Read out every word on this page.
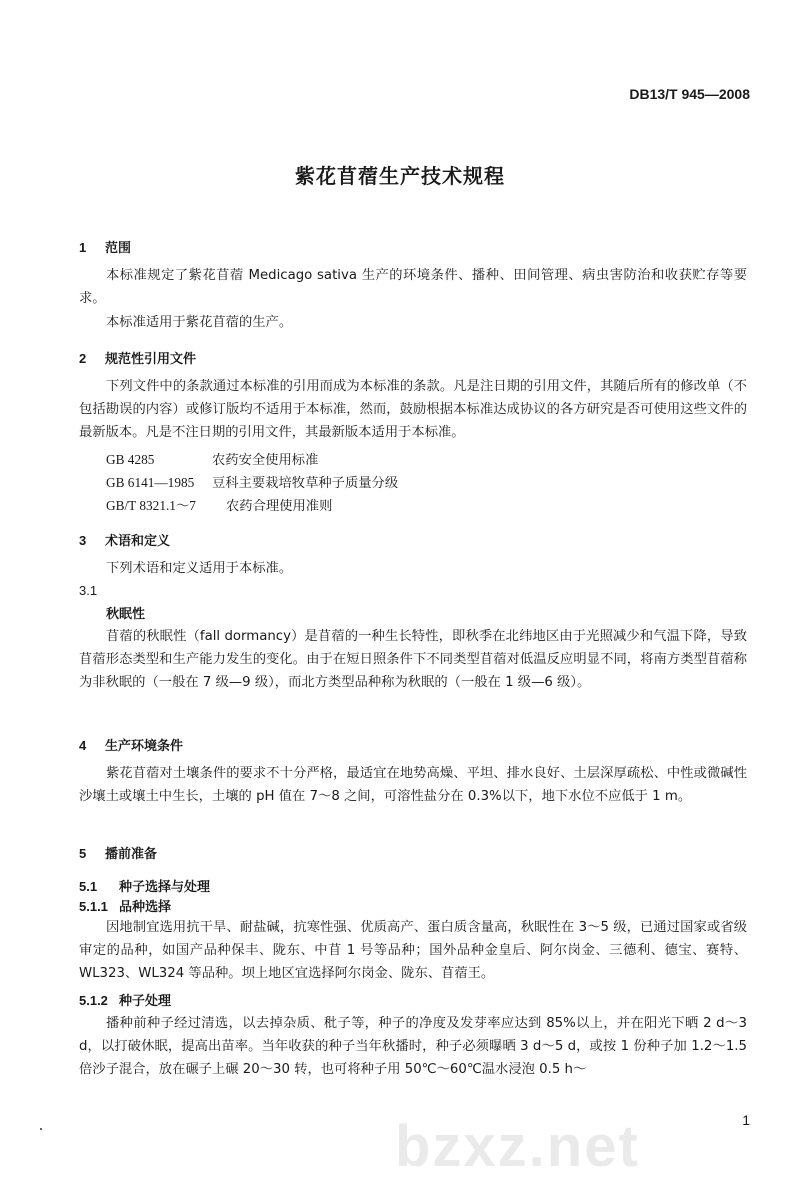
DB13/T 945—2008
紫花苜蓿生产技术规程
1 范围
本标准规定了紫花苜蓿 Medicago sativa 生产的环境条件、播种、田间管理、病虫害防治和收获贮存等要求。
本标准适用于紫花苜蓿的生产。
2 规范性引用文件
下列文件中的条款通过本标准的引用而成为本标准的条款。凡是注日期的引用文件，其随后所有的修改单（不包括勘误的内容）或修订版均不适用于本标准，然而，鼓励根据本标准达成协议的各方研究是否可使用这些文件的最新版本。凡是不注日期的引用文件，其最新版本适用于本标准。
GB 4285	农药安全使用标准
GB 6141—1985 豆科主要栽培牧草种子质量分级
GB/T 8321.1～7 农药合理使用准则
3 术语和定义
下列术语和定义适用于本标准。
3.1
秋眠性
苜蓿的秋眠性（fall dormancy）是苜蓿的一种生长特性，即秋季在北纬地区由于光照减少和气温下降，导致苜蓿形态类型和生产能力发生的变化。由于在短日照条件下不同类型苜蓿对低温反应明显不同，将南方类型苜蓿称为非秋眠的（一般在 7 级—9 级），而北方类型品种称为秋眠的（一般在 1 级—6 级）。
4 生产环境条件
紫花苜蓿对土壤条件的要求不十分严格，最适宜在地势高燥、平坦、排水良好、土层深厚疏松、中性或微碱性沙壤土或壤土中生长，土壤的 pH 值在 7～8 之间，可溶性盐分在 0.3%以下，地下水位不应低于 1 m。
5 播前准备
5.1 种子选择与处理
5.1.1 品种选择
因地制宜选用抗干旱、耐盐碱，抗寒性强、优质高产、蛋白质含量高，秋眠性在 3～5 级，已通过国家或省级审定的品种，如国产品种保丰、陇东、中苜 1 号等品种；国外品种金皇后、阿尔岗金、三德利、德宝、赛特、WL323、WL324 等品种。坝上地区宜选择阿尔岗金、陇东、苜蓿王。
5.1.2 种子处理
播种前种子经过清选，以去掉杂质、秕子等，种子的净度及发芽率应达到 85%以上，并在阳光下晒 2 d～3 d，以打破休眠，提高出苗率。当年收获的种子当年秋播时，种子必须曝晒 3 d～5 d，或按 1 份种子加 1.2～1.5 倍沙子混合，放在碾子上碾 20～30 转，也可将种子用 50℃～60℃温水浸泡 0.5 h～
bzxz.net	1
